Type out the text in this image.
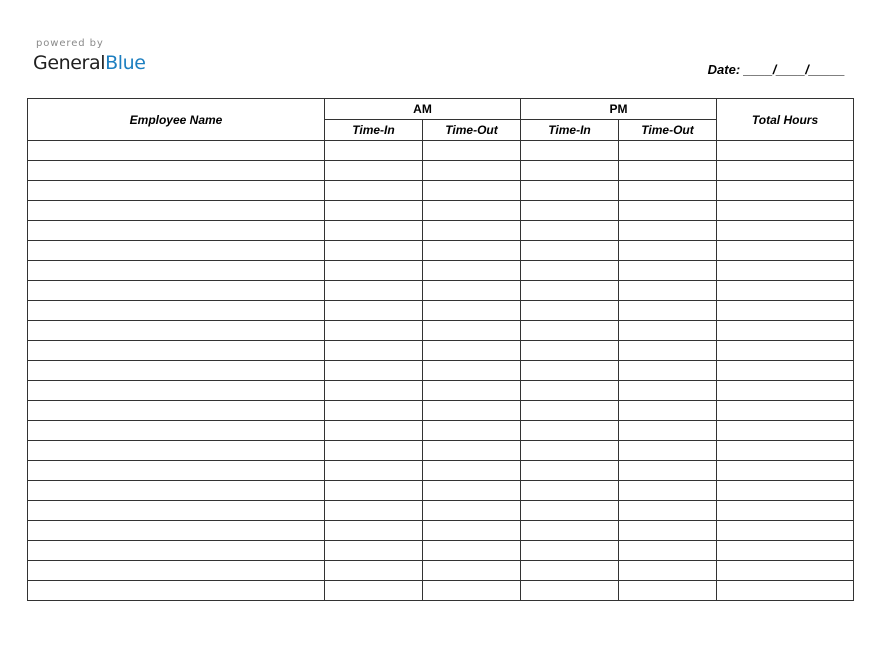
powered by
GeneralBlue	Date: ____/____/_____
Employee Name	AM		PM		Total Hours
	Time-In	Time-Out	Time-In	Time-Out	
